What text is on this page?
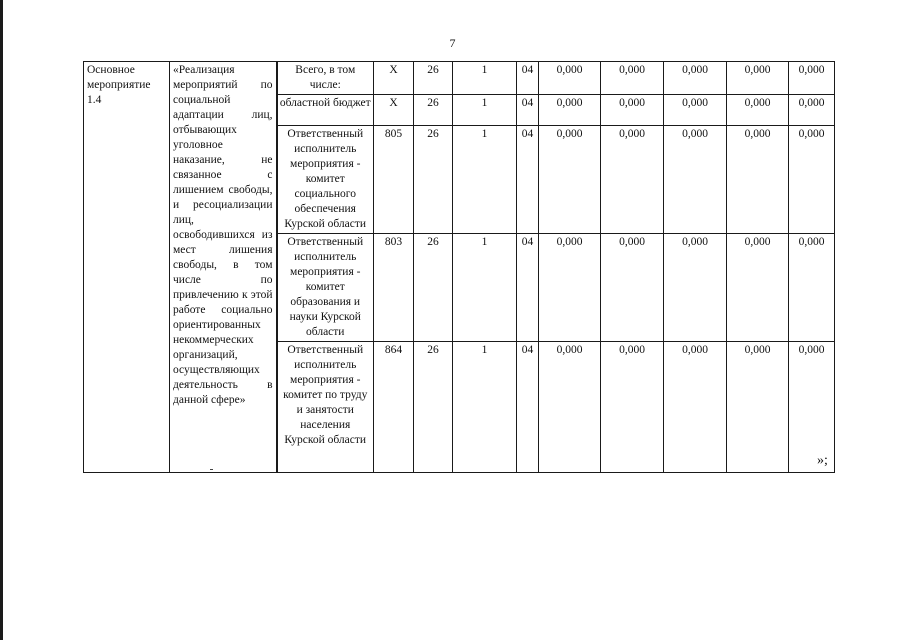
7
Основное мероприятие 1.4	«Реализация мероприятий по социальной адаптации лиц, отбывающих уголовное наказание, не связанное с лишением свободы, и ресоциализации лиц, освободившихся из мест лишения свободы, в том числе по привлечению к этой работе социально ориентированных некоммерческих организаций, осуществляющих деятельность в данной сфере»	Всего, в том числе:	Х	26	1	04	0,000	0,000	0,000	0,000	0,000
		областной бюджет	Х	26	1	04	0,000	0,000	0,000	0,000	0,000
		Ответственный исполнитель мероприятия - комитет социального обеспечения Курской области	805	26	1	04	0,000	0,000	0,000	0,000	0,000
		Ответственный исполнитель мероприятия - комитет образования и науки Курской области	803	26	1	04	0,000	0,000	0,000	0,000	0,000
		Ответственный исполнитель мероприятия - комитет по труду и занятости населения Курской области	864	26	1	04	0,000	0,000	0,000	0,000	0,000
»;
